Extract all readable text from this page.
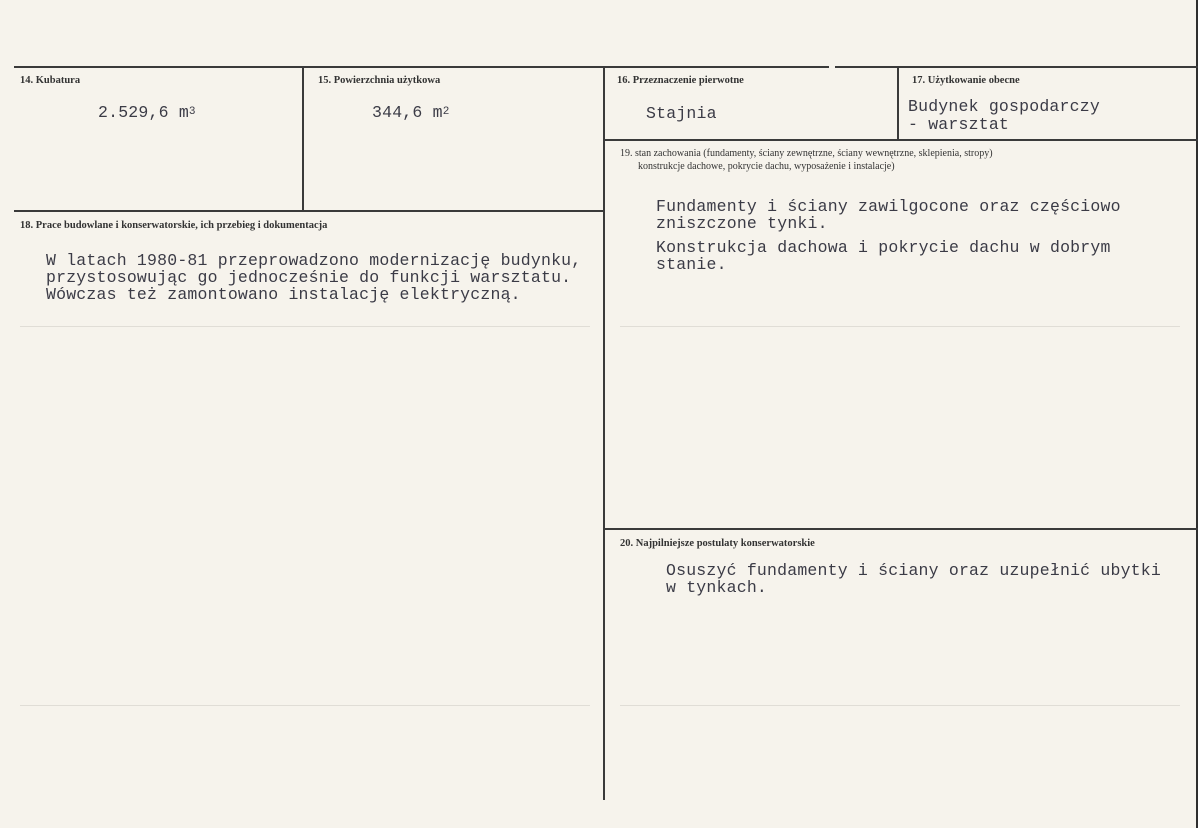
14. Kubatura
2.529,6 $m^3$
15. Powierzchnia użytkowa
344,6 $m^2$
16. Przeznaczenie pierwotne
Stajnia
17. Użytkowanie obecne
Budynek gospodarczy
- warsztat
18. Prace budowlane i konserwatorskie, ich przebieg i dokumentacja
W latach 1980-81 przeprowadzono modernizację budynku,
przystosowując go jednocześnie do funkcji warsztatu.
Wówczas też zamontowano instalację elektryczną.
19. stan zachowania (fundamenty, ściany zewnętrzne, ściany wewnętrzne, sklepienia, stropy)
konstrukcje dachowe, pokrycie dachu, wyposażenie i instalacje)
Fundamenty i ściany zawilgocone oraz częściowo
zniszczone tynki.
Konstrukcja dachowa i pokrycie dachu w dobrym
stanie.
20. Najpilniejsze postulaty konserwatorskie
Osuszyć fundamenty i ściany oraz uzupełnić ubytki
w tynkach.
